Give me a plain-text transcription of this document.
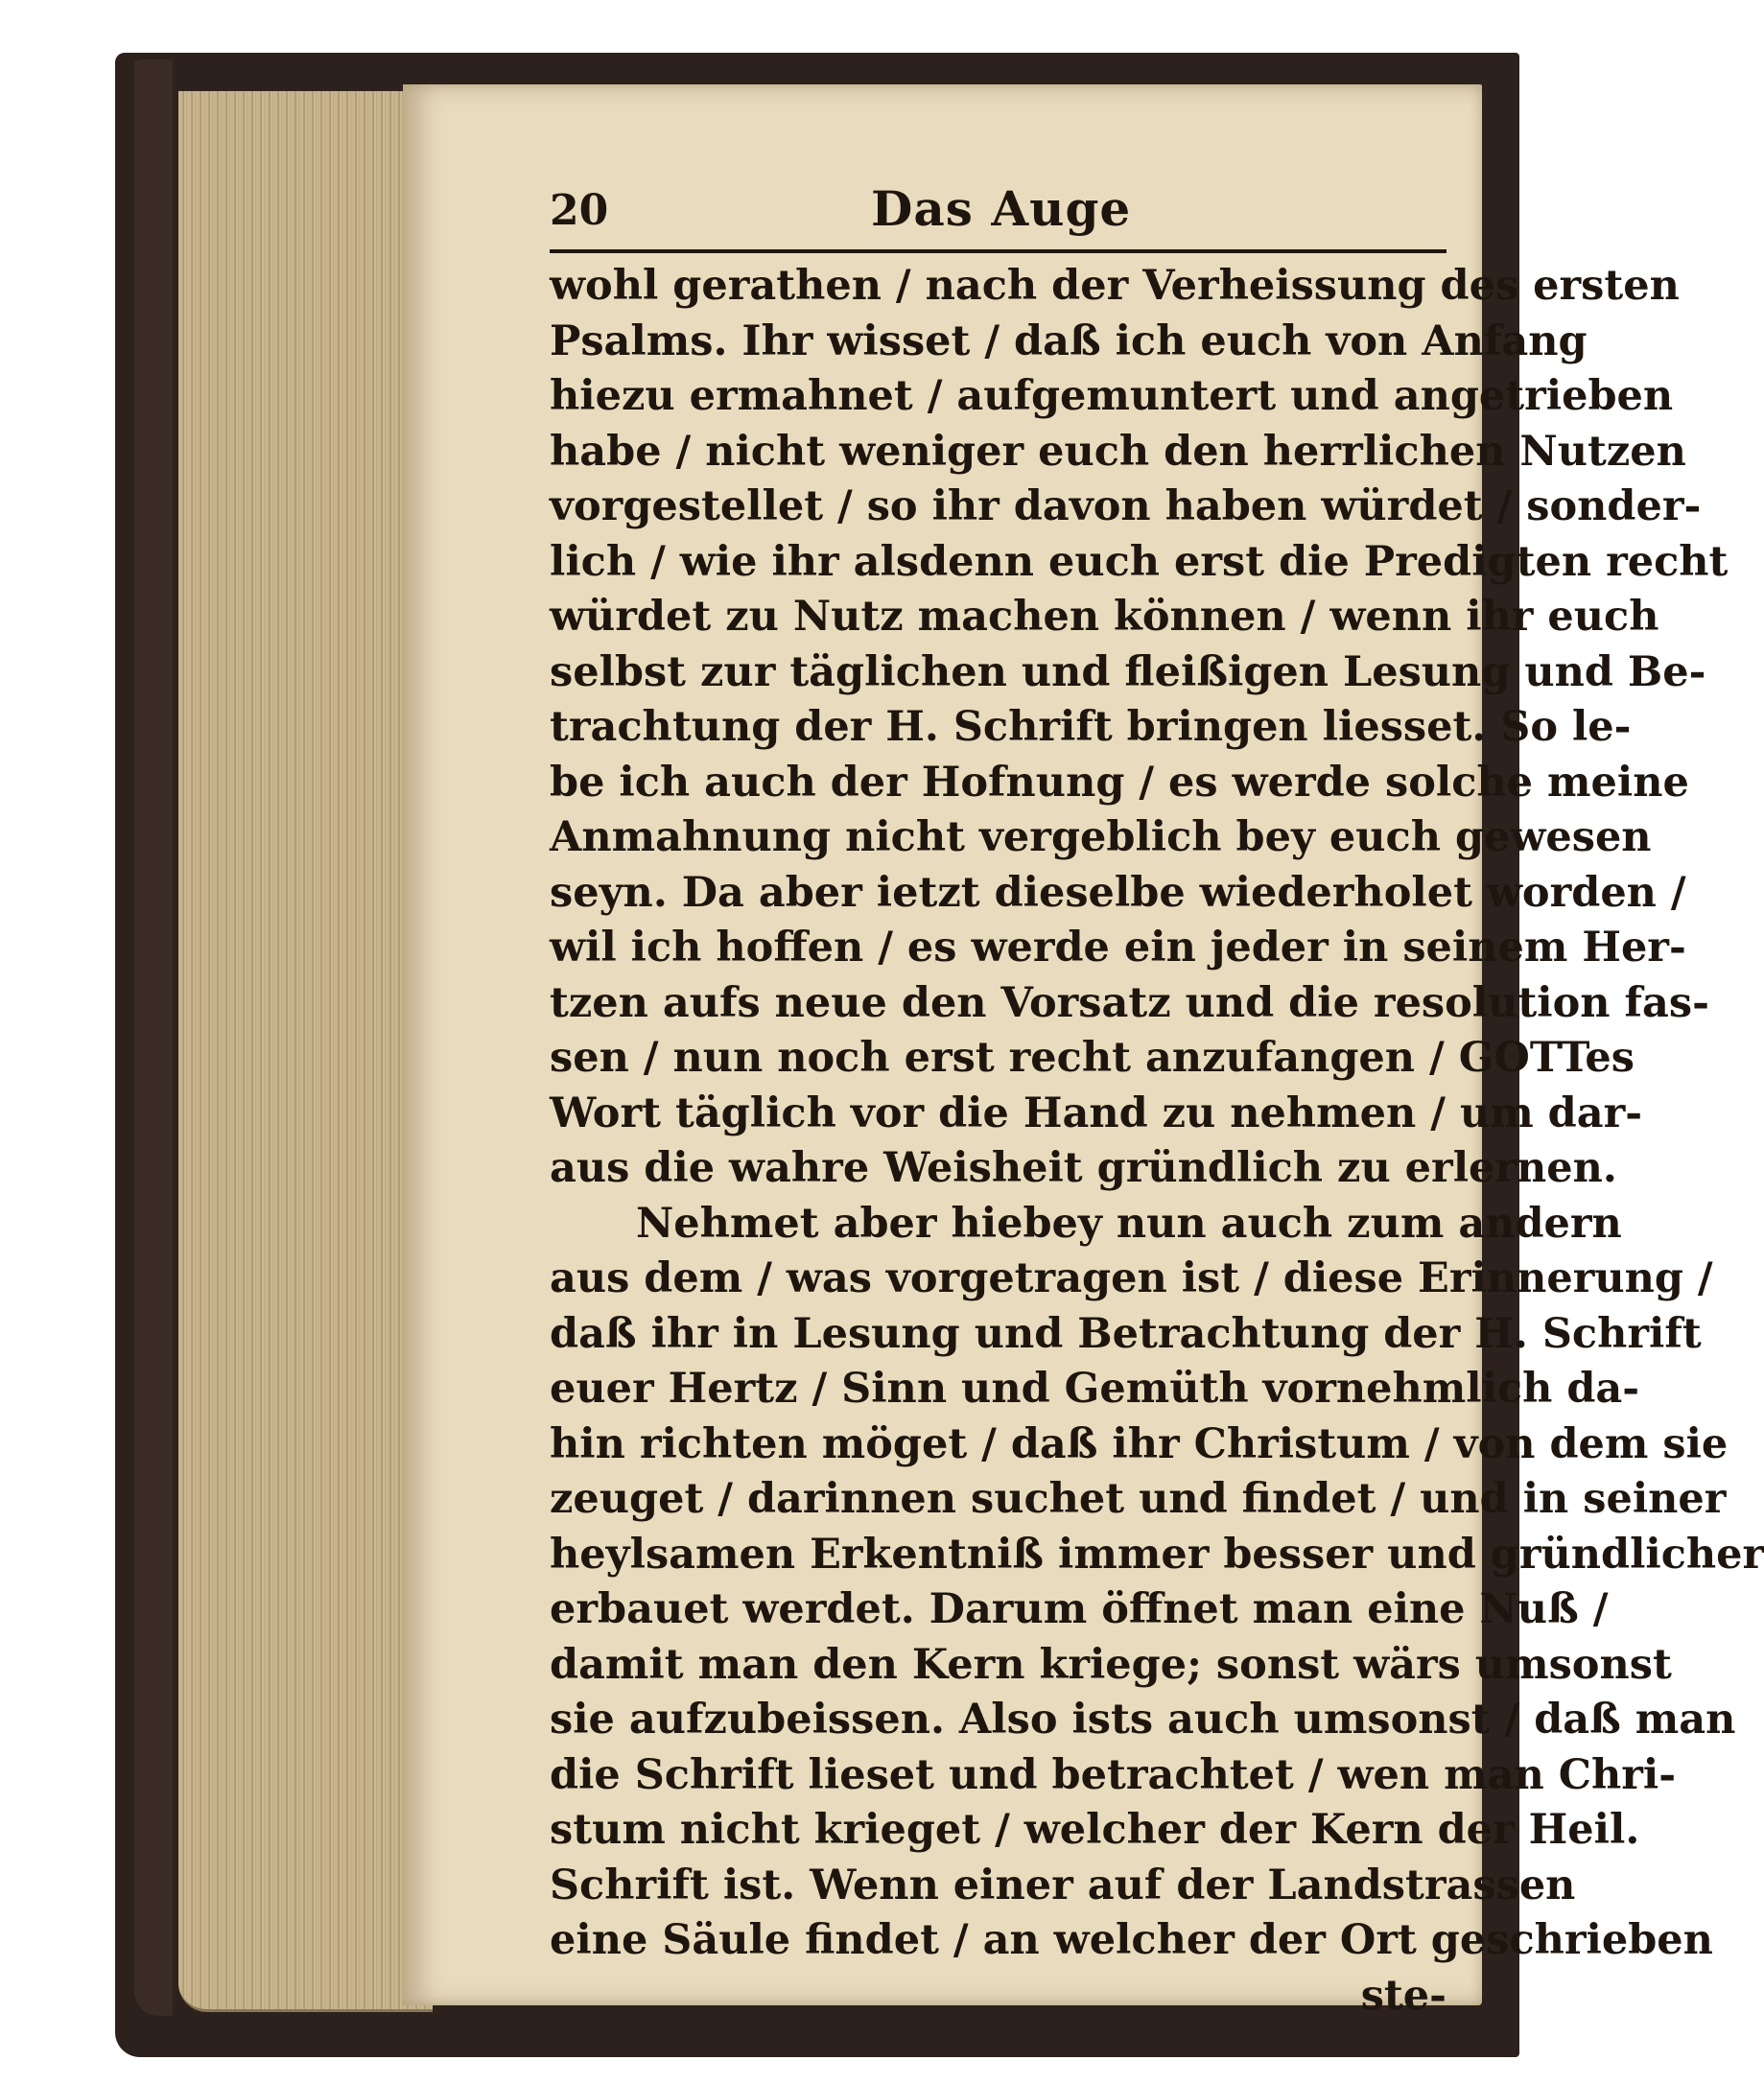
20	Das Auge
wohl gerathen / nach der Verheissung des ersten
Psalms. Ihr wisset / daß ich euch von Anfang
hiezu ermahnet / aufgemuntert und angetrieben
habe / nicht weniger euch den herrlichen Nutzen
vorgestellet / so ihr davon haben würdet / sonder-
lich / wie ihr alsdenn euch erst die Predigten recht
würdet zu Nutz machen können / wenn ihr euch
selbst zur täglichen und fleißigen Lesung und Be-
trachtung der H. Schrift bringen liesset. So le-
be ich auch der Hofnung / es werde solche meine
Anmahnung nicht vergeblich bey euch gewesen
seyn. Da aber ietzt dieselbe wiederholet worden /
wil ich hoffen / es werde ein jeder in seinem Her-
tzen aufs neue den Vorsatz und die resolution fas-
sen / nun noch erst recht anzufangen / GOTTes
Wort täglich vor die Hand zu nehmen / um dar-
aus die wahre Weisheit gründlich zu erlernen.
Nehmet aber hiebey nun auch zum andern
aus dem / was vorgetragen ist / diese Erinnerung /
daß ihr in Lesung und Betrachtung der H. Schrift
euer Hertz / Sinn und Gemüth vornehmlich da-
hin richten möget / daß ihr Christum / von dem sie
zeuget / darinnen suchet und findet / und in seiner
heylsamen Erkentniß immer besser und gründlicher
erbauet werdet. Darum öffnet man eine Nuß /
damit man den Kern kriege; sonst wärs umsonst
sie aufzubeissen. Also ists auch umsonst / daß man
die Schrift lieset und betrachtet / wen man Chri-
stum nicht krieget / welcher der Kern der Heil.
Schrift ist. Wenn einer auf der Landstrassen
eine Säule findet / an welcher der Ort geschrieben
ste-
